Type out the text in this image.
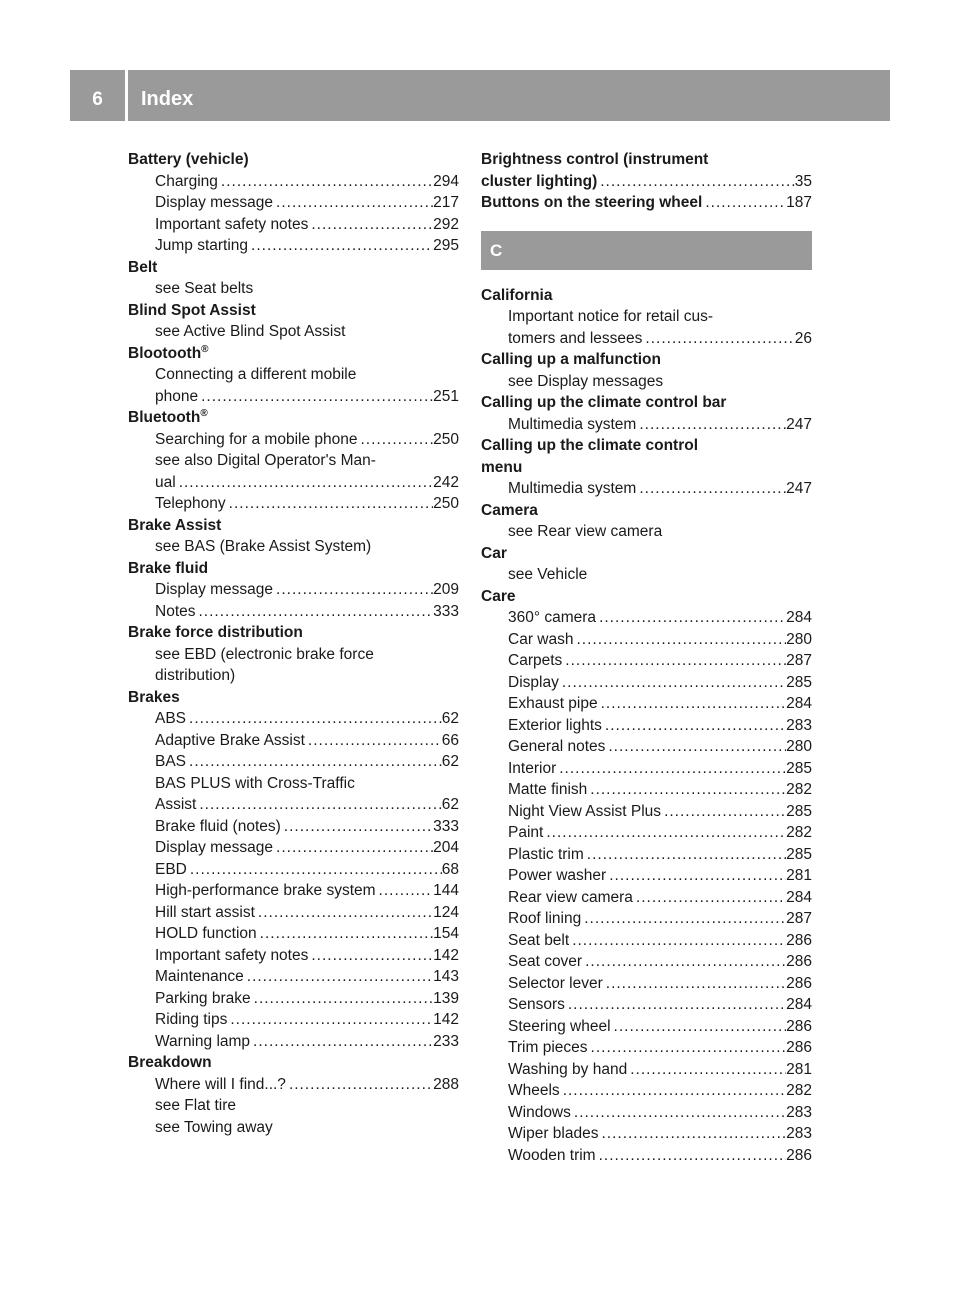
6	Index
Battery (vehicle)
Charging .....	294
Display message .....	217
Important safety notes .....	292
Jump starting .....	295
Belt
see Seat belts
Blind Spot Assist
see Active Blind Spot Assist
Blootooth®
Connecting a different mobile
phone .....	251
Bluetooth®
Searching for a mobile phone .....	250
see also Digital Operator's Man-
ual .....	242
Telephony .....	250
Brake Assist
see BAS (Brake Assist System)
Brake fluid
Display message .....	209
Notes .....	333
Brake force distribution
see EBD (electronic brake force
distribution)
Brakes
ABS .....	62
Adaptive Brake Assist .....	66
BAS .....	62
BAS PLUS with Cross-Traffic
Assist .....	62
Brake fluid (notes) .....	333
Display message .....	204
EBD .....	68
High-performance brake system .....	144
Hill start assist .....	124
HOLD function .....	154
Important safety notes .....	142
Maintenance .....	143
Parking brake .....	139
Riding tips .....	142
Warning lamp .....	233
Breakdown
Where will I find...? .....	288
see Flat tire
see Towing away
Brightness control (instrument
cluster lighting) .....	35
Buttons on the steering wheel .....	187
C
California
Important notice for retail cus-
tomers and lessees .....	26
Calling up a malfunction
see Display messages
Calling up the climate control bar
Multimedia system .....	247
Calling up the climate control
menu
Multimedia system .....	247
Camera
see Rear view camera
Car
see Vehicle
Care
360° camera .....	284
Car wash .....	280
Carpets .....	287
Display .....	285
Exhaust pipe .....	284
Exterior lights .....	283
General notes .....	280
Interior .....	285
Matte finish .....	282
Night View Assist Plus .....	285
Paint .....	282
Plastic trim .....	285
Power washer .....	281
Rear view camera .....	284
Roof lining .....	287
Seat belt .....	286
Seat cover .....	286
Selector lever .....	286
Sensors .....	284
Steering wheel .....	286
Trim pieces .....	286
Washing by hand .....	281
Wheels .....	282
Windows .....	283
Wiper blades .....	283
Wooden trim .....	286
